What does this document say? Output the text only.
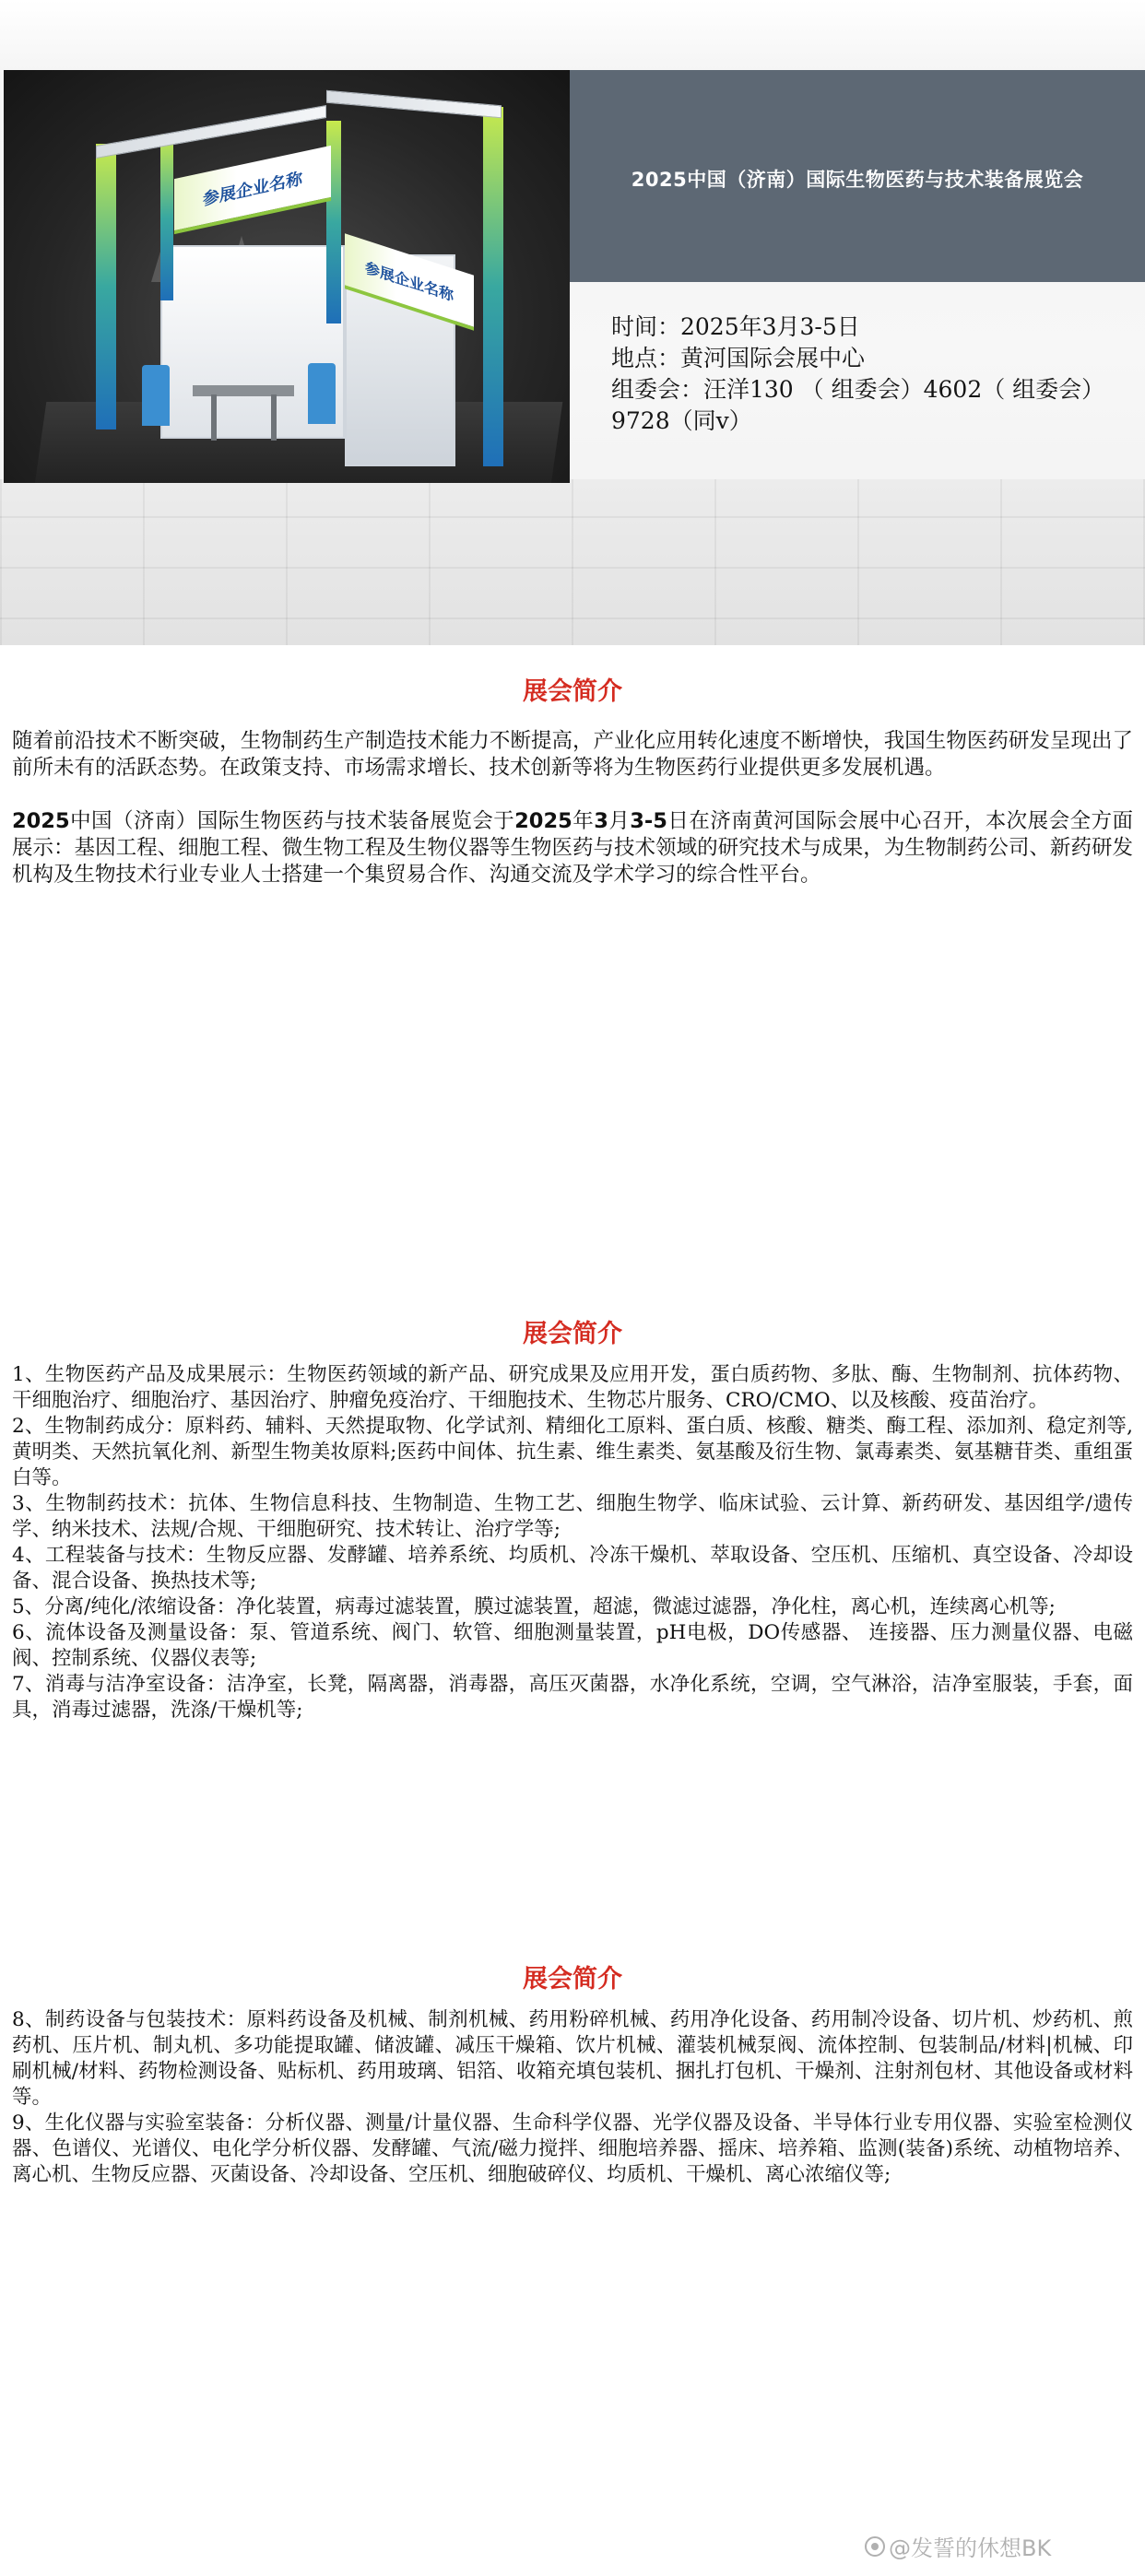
参展企业名称
参展企业名称
2025中国（济南）国际生物医药与技术装备展览会
时间：2025年3月3-5日
地点：黄河国际会展中心
组委会：汪洋130 （ 组委会）4602（ 组委会）9728（同v）
展会简介
随着前沿技术不断突破，生物制药生产制造技术能力不断提高，产业化应用转化速度不断增快，我国生物医药研发呈现出了前所未有的活跃态势。在政策支持、市场需求增长、技术创新等将为生物医药行业提供更多发展机遇。
2025中国（济南）国际生物医药与技术装备展览会于2025年3月3-5日在济南黄河国际会展中心召开，本次展会全方面展示：基因工程、细胞工程、微生物工程及生物仪器等生物医药与技术领域的研究技术与成果，为生物制药公司、新药研发机构及生物技术行业专业人士搭建一个集贸易合作、沟通交流及学术学习的综合性平台。
展会简介
1、生物医药产品及成果展示：生物医药领域的新产品、研究成果及应用开发，蛋白质药物、多肽、酶、生物制剂、抗体药物、干细胞治疗、细胞治疗、基因治疗、肿瘤免疫治疗、干细胞技术、生物芯片服务、CRO/CMO、以及核酸、疫苗治疗。
2、生物制药成分：原料药、辅料、天然提取物、化学试剂、精细化工原料、蛋白质、核酸、糖类、酶工程、添加剂、稳定剂等,黄明类、天然抗氧化剂、新型生物美妆原料;医药中间体、抗生素、维生素类、氨基酸及衍生物、氯毒素类、氨基糖苷类、重组蛋白等。
3、生物制药技术：抗体、生物信息科技、生物制造、生物工艺、细胞生物学、临床试验、云计算、新药研发、基因组学/遗传学、纳米技术、法规/合规、干细胞研究、技术转让、治疗学等;
4、工程装备与技术：生物反应器、发酵罐、培养系统、均质机、冷冻干燥机、萃取设备、空压机、压缩机、真空设备、冷却设备、混合设备、换热技术等;
5、分离/纯化/浓缩设备：净化装置，病毒过滤装置，膜过滤装置，超滤，微滤过滤器，净化柱，离心机，连续离心机等;
6、流体设备及测量设备：泵、管道系统、阀门、软管、细胞测量装置，pH电极，DO传感器、 连接器、压力测量仪器、电磁阀、控制系统、仪器仪表等;
7、消毒与洁净室设备：洁净室，长凳，隔离器，消毒器，高压灭菌器，水净化系统，空调，空气淋浴，洁净室服装，手套，面具，消毒过滤器，洗涤/干燥机等;
展会简介
8、制药设备与包装技术：原料药设备及机械、制剂机械、药用粉碎机械、药用净化设备、药用制冷设备、切片机、炒药机、煎药机、压片机、制丸机、多功能提取罐、储波罐、减压干燥箱、饮片机械、灌装机械泵阀、流体控制、包装制品/材料|机械、印刷机械/材料、药物检测设备、贴标机、药用玻璃、铝箔、收箱充填包装机、捆扎打包机、干燥剂、注射剂包材、其他设备或材料等。
9、生化仪器与实验室装备：分析仪器、测量/计量仪器、生命科学仪器、光学仪器及设备、半导体行业专用仪器、实验室检测仪器、色谱仪、光谱仪、电化学分析仪器、发酵罐、气流/磁力搅拌、细胞培养器、摇床、培养箱、监测(装备)系统、动植物培养、离心机、生物反应器、灭菌设备、冷却设备、空压机、细胞破碎仪、均质机、干燥机、离心浓缩仪等;
@发誓的休想BK
